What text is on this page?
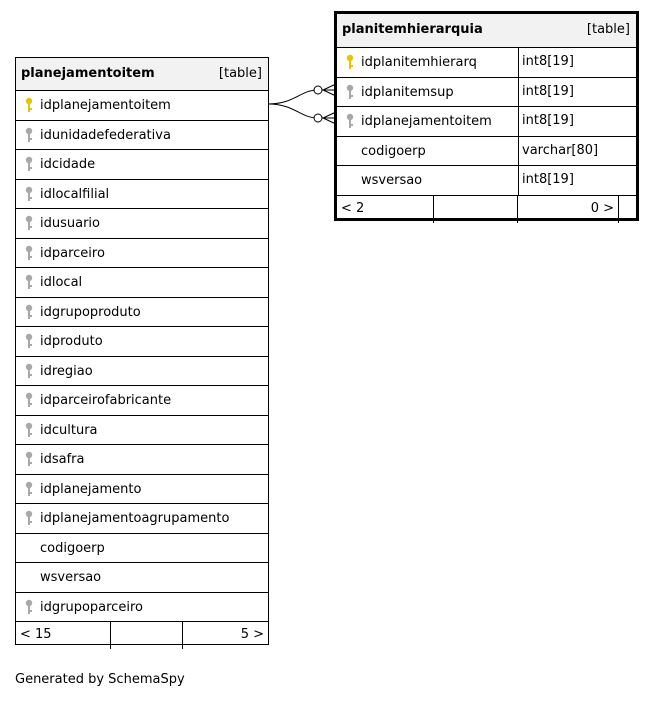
planejamentoitem	[table]
idplanejamentoitem
idunidadefederativa
idcidade
idlocalfilial
idusuario
idparceiro
idlocal
idgrupoproduto
idproduto
idregiao
idparceirofabricante
idcultura
idsafra
idplanejamento
idplanejamentoagrupamento
codigoerp
wsversao
idgrupoparceiro
< 15	5 >
planitemhierarquia	[table]
idplanitemhierarq	int8[19]
idplanitemsup	int8[19]
idplanejamentoitem	int8[19]
codigoerp	varchar[80]
wsversao	int8[19]
< 2	0 >
Generated by SchemaSpy
